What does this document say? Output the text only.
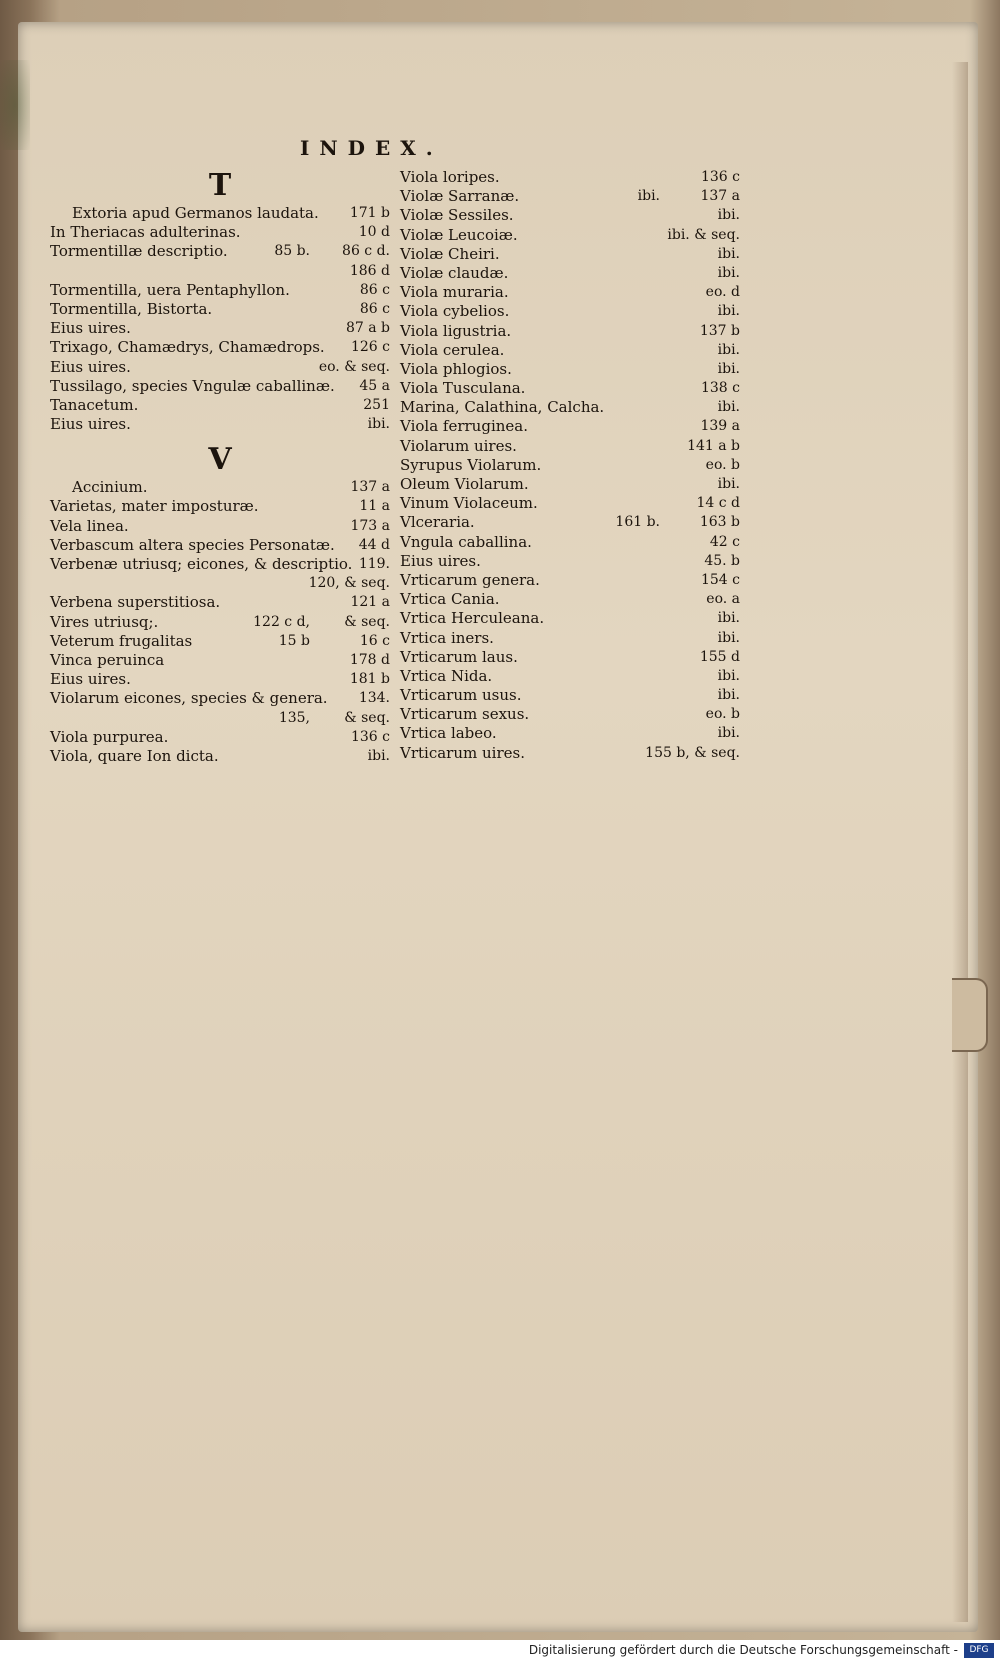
INDEX.
T
Extoria apud Germanos laudata. 171 b
In Theriacas adulterinas.	10 d
Tormentillæ descriptio.	85 b. 86 c d.
186 d
Tormentilla, uera Pentaphyllon.	86 c
Tormentilla, Bistorta.	86 c
Eius uires.	87 a b
Trixago, Chamædrys, Chamædrops. 126 c
Eius uires.	eo. & seq.
Tussilago, species Vngulæ caballinæ. 45 a
Tanacetum.	251
Eius uires.	ibi.
V
Accinium.	137 a
Varietas, mater imposturæ.	11 a
Vela linea.	173 a
Verbascum altera species Personatæ. 44 d
Verbenæ utriusq; eicones, & descriptio. 119.
120, & seq.
Verbena superstitiosa.	121 a
Vires utriusq;.	122 c d, & seq.
Veterum frugalitas	15 b	16 c
Vinca peruinca	178 d
Eius uires.	181 b
Violarum eicones, species & genera. 134.
135, & seq.
Viola purpurea.	136 c
Viola, quare Ion dicta.	ibi.
Viola loripes.	136 c
Violæ Sarranæ.	ibi.	137 a
Violæ Sessiles.	ibi.
Violæ Leucoiæ.	ibi. & seq.
Violæ Cheiri.	ibi.
Violæ claudæ.	ibi.
Viola muraria.	eo. d
Viola cybelios.	ibi.
Viola ligustria.	137 b
Viola cerulea.	ibi.
Viola phlogios.	ibi.
Viola Tusculana.	138 c
Marina, Calathina, Calcha.	ibi.
Viola ferruginea.	139 a
Violarum uires.	141 a b
Syrupus Violarum.	eo. b
Oleum Violarum.	ibi.
Vinum Violaceum.	14 c d
Vlceraria.	161 b.	163 b
Vngula caballina.	42 c
Eius uires.	45. b
Vrticarum genera.	154 c
Vrtica Cania.	eo. a
Vrtica Herculeana.	ibi.
Vrtica iners.	ibi.
Vrticarum laus.	155 d
Vrtica Nida.	ibi.
Vrticarum usus.	ibi.
Vrticarum sexus.	eo. b
Vrtica labeo.	ibi.
Vrticarum uires.	155 b, & seq.
Digitalisierung gefördert durch die Deutsche Forschungsgemeinschaft -	DFG
